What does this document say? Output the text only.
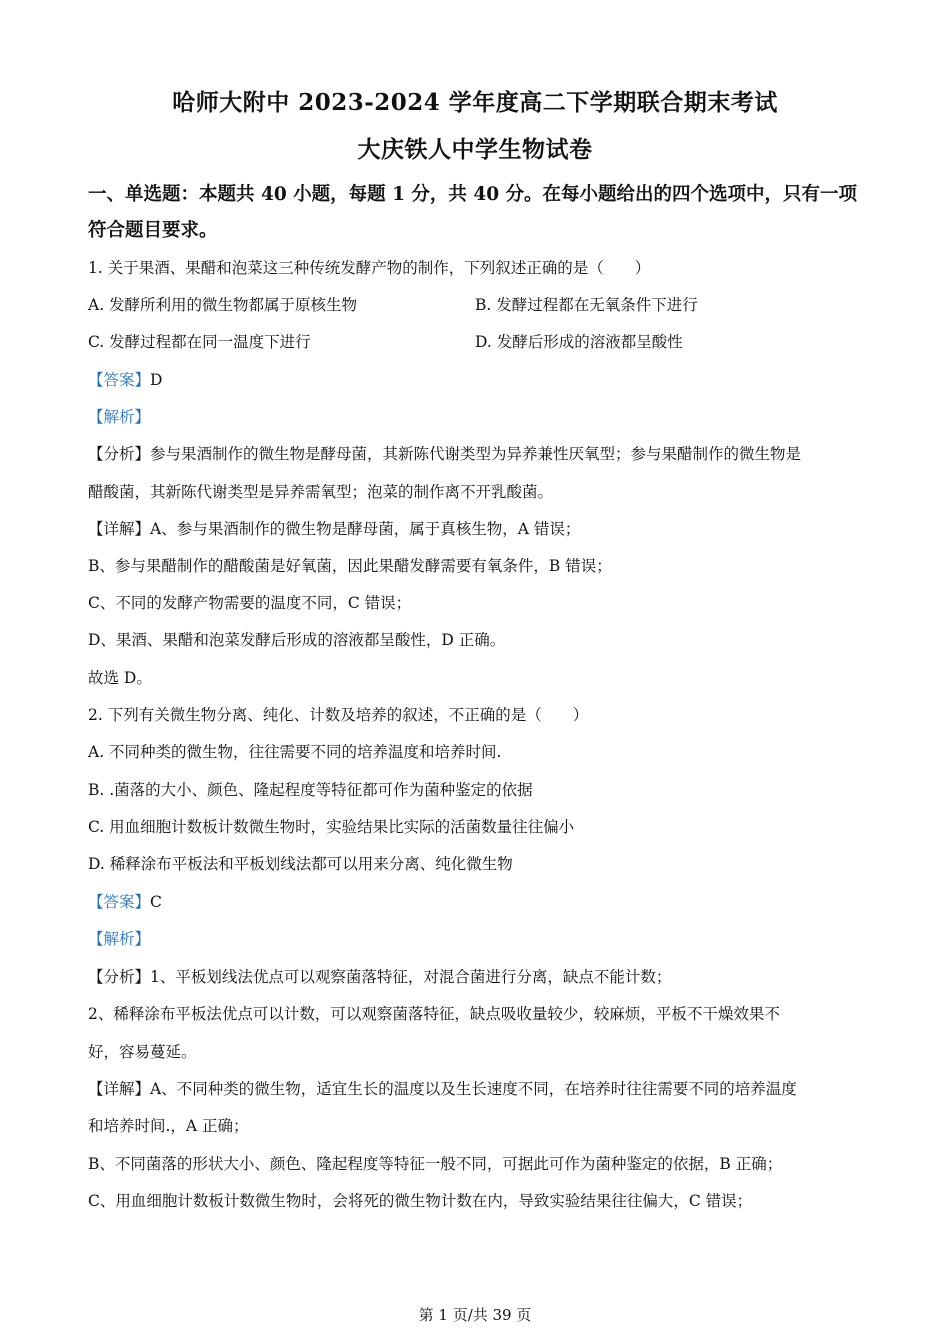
哈师大附中 2023-2024 学年度高二下学期联合期末考试
大庆铁人中学生物试卷
一、单选题：本题共 40 小题，每题 1 分，共 40 分。在每小题给出的四个选项中，只有一项
符合题目要求。
1. 关于果酒、果醋和泡菜这三种传统发酵产物的制作，下列叙述正确的是（　　）
A. 发酵所利用的微生物都属于原核生物	B. 发酵过程都在无氧条件下进行
C. 发酵过程都在同一温度下进行	D. 发酵后形成的溶液都呈酸性
【答案】D
【解析】
【分析】参与果酒制作的微生物是酵母菌，其新陈代谢类型为异养兼性厌氧型；参与果醋制作的微生物是
醋酸菌，其新陈代谢类型是异养需氧型；泡菜的制作离不开乳酸菌。
【详解】A、参与果酒制作的微生物是酵母菌，属于真核生物，A 错误；
B、参与果醋制作的醋酸菌是好氧菌，因此果醋发酵需要有氧条件，B 错误；
C、不同的发酵产物需要的温度不同，C 错误；
D、果酒、果醋和泡菜发酵后形成的溶液都呈酸性，D 正确。
故选 D。
2. 下列有关微生物分离、纯化、计数及培养的叙述，不正确的是（　　）
A. 不同种类的微生物，往往需要不同的培养温度和培养时间.
B. .菌落的大小、颜色、隆起程度等特征都可作为菌种鉴定的依据
C. 用血细胞计数板计数微生物时，实验结果比实际的活菌数量往往偏小
D. 稀释涂布平板法和平板划线法都可以用来分离、纯化微生物
【答案】C
【解析】
【分析】1、平板划线法优点可以观察菌落特征，对混合菌进行分离，缺点不能计数；
2、稀释涂布平板法优点可以计数，可以观察菌落特征，缺点吸收量较少，较麻烦，平板不干燥效果不
好，容易蔓延。
【详解】A、不同种类的微生物，适宜生长的温度以及生长速度不同，在培养时往往需要不同的培养温度
和培养时间.，A 正确；
B、不同菌落的形状大小、颜色、隆起程度等特征一般不同，可据此可作为菌种鉴定的依据，B 正确；
C、用血细胞计数板计数微生物时，会将死的微生物计数在内，导致实验结果往往偏大，C 错误；
第 1 页/共 39 页
